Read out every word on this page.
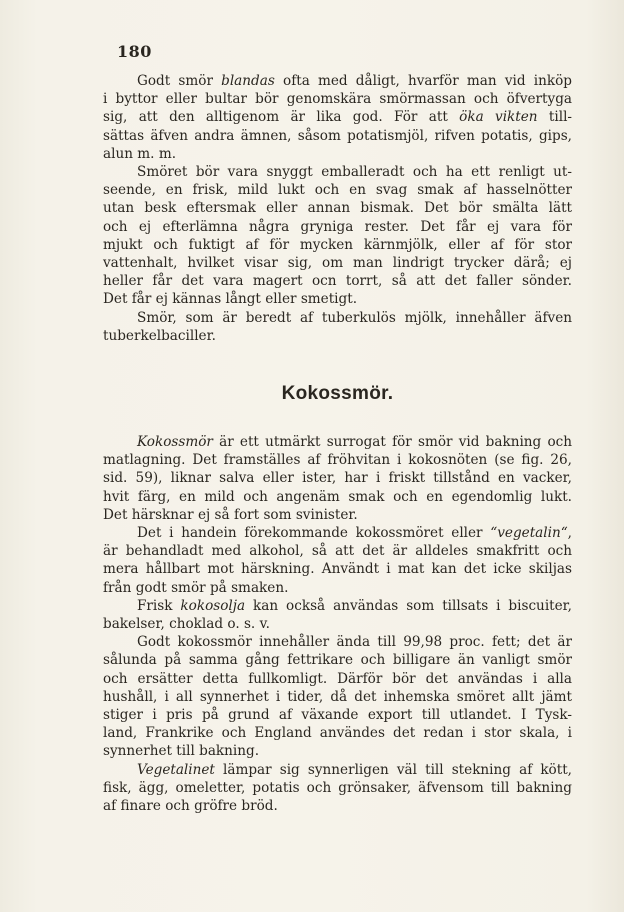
180
Godt smör blandas ofta med dåligt, hvarför man vid inköp
i byttor eller bultar bör genomskära smörmassan och öfvertyga
sig, att den alltigenom är lika god. För att öka vikten till-
sättas äfven andra ämnen, såsom potatismjöl, rifven potatis, gips,
alun m. m.
Smöret bör vara snyggt emballeradt och ha ett renligt ut-
seende, en frisk, mild lukt och en svag smak af hasselnötter
utan besk eftersmak eller annan bismak. Det bör smälta lätt
och ej efterlämna några gryniga rester. Det får ej vara för
mjukt och fuktigt af för mycken kärnmjölk, eller af för stor
vattenhalt, hvilket visar sig, om man lindrigt trycker därå; ej
heller får det vara magert ocn torrt, så att det faller sönder.
Det får ej kännas långt eller smetigt.
Smör, som är beredt af tuberkulös mjölk, innehåller äfven
tuberkelbaciller.
Kokossmör.
Kokossmör är ett utmärkt surrogat för smör vid bakning och
matlagning. Det framställes af fröhvitan i kokosnöten (se fig. 26,
sid. 59), liknar salva eller ister, har i friskt tillstånd en vacker,
hvit färg, en mild och angenäm smak och en egendomlig lukt.
Det härsknar ej så fort som svinister.
Det i handein förekommande kokossmöret eller “vegetalin“,
är behandladt med alkohol, så att det är alldeles smakfritt och
mera hållbart mot härskning. Användt i mat kan det icke skiljas
från godt smör på smaken.
Frisk kokosolja kan också användas som tillsats i biscuiter,
bakelser, choklad o. s. v.
Godt kokossmör innehåller ända till 99,98 proc. fett; det är
sålunda på samma gång fettrikare och billigare än vanligt smör
och ersätter detta fullkomligt. Därför bör det användas i alla
hushåll, i all synnerhet i tider, då det inhemska smöret allt jämt
stiger i pris på grund af växande export till utlandet. I Tysk-
land, Frankrike och England användes det redan i stor skala, i
synnerhet till bakning.
Vegetalinet lämpar sig synnerligen väl till stekning af kött,
fisk, ägg, omeletter, potatis och grönsaker, äfvensom till bakning
af finare och gröfre bröd.
